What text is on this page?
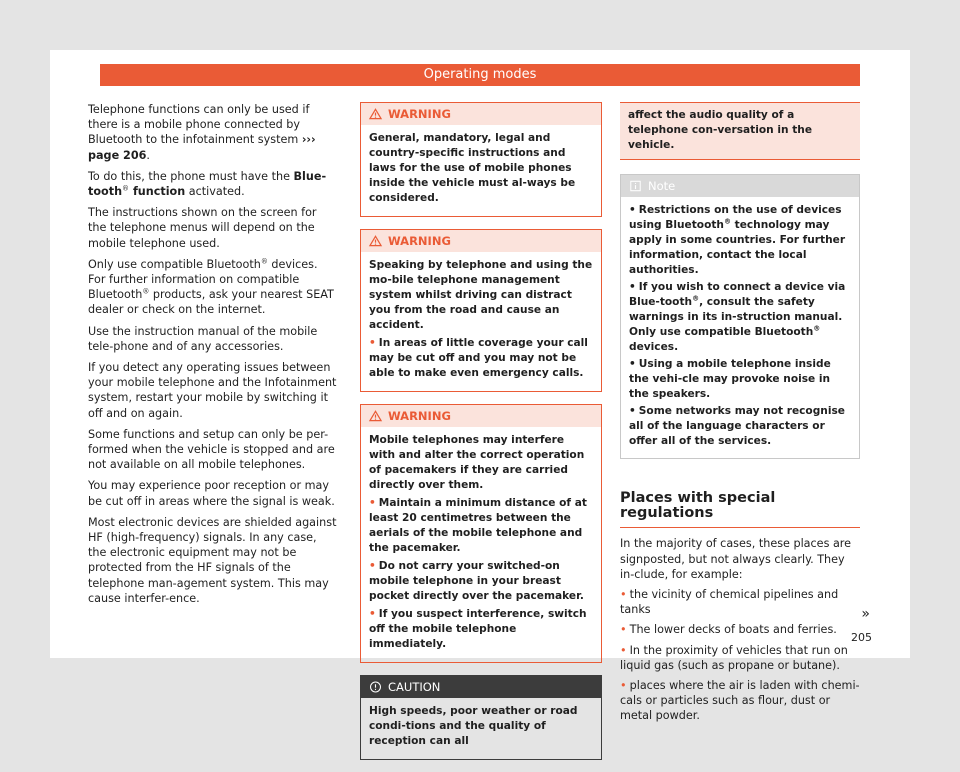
Operating modes

Telephone functions can only be used if there is a mobile phone connected by Bluetooth to the infotainment system ››› page 206.

To do this, the phone must have the Blue-tooth® function activated.

The instructions shown on the screen for the telephone menus will depend on the mobile telephone used.

Only use compatible Bluetooth® devices. For further information on compatible Bluetooth® products, ask your nearest SEAT dealer or check on the internet.

Use the instruction manual of the mobile tele-phone and of any accessories.

If you detect any operating issues between your mobile telephone and the Infotainment system, restart your mobile by switching it off and on again.

Some functions and setup can only be per-formed when the vehicle is stopped and are not available on all mobile telephones.

You may experience poor reception or may be cut off in areas where the signal is weak.

Most electronic devices are shielded against HF (high-frequency) signals. In any case, the electronic equipment may not be protected from the HF signals of the telephone man-agement system. This may cause interfer-ence.

WARNING

General, mandatory, legal and country-specific instructions and laws for the use of mobile phones inside the vehicle must al-ways be considered.

WARNING

Speaking by telephone and using the mo-bile telephone management system whilst driving can distract you from the road and cause an accident.

• In areas of little coverage your call may be cut off and you may not be able to make even emergency calls.

WARNING

Mobile telephones may interfere with and alter the correct operation of pacemakers if they are carried directly over them.

• Maintain a minimum distance of at least 20 centimetres between the aerials of the mobile telephone and the pacemaker.

• Do not carry your switched-on mobile telephone in your breast pocket directly over the pacemaker.

• If you suspect interference, switch off the mobile telephone immediately.

CAUTION

High speeds, poor weather or road condi-tions and the quality of reception can all

affect the audio quality of a telephone con-versation in the vehicle.
Note

• Restrictions on the use of devices using Bluetooth® technology may apply in some countries. For further information, contact the local authorities.

• If you wish to connect a device via Blue-tooth®, consult the safety warnings in its in-struction manual. Only use compatible Bluetooth® devices.

• Using a mobile telephone inside the vehi-cle may provoke noise in the speakers.

• Some networks may not recognise all of the language characters or offer all of the services.

Places with special regulations

In the majority of cases, these places are signposted, but not always clearly. They in-clude, for example:

• the vicinity of chemical pipelines and tanks

• The lower decks of boats and ferries.

• In the proximity of vehicles that run on liquid gas (such as propane or butane).

• places where the air is laden with chemi-cals or particles such as flour, dust or metal powder.

»
205
